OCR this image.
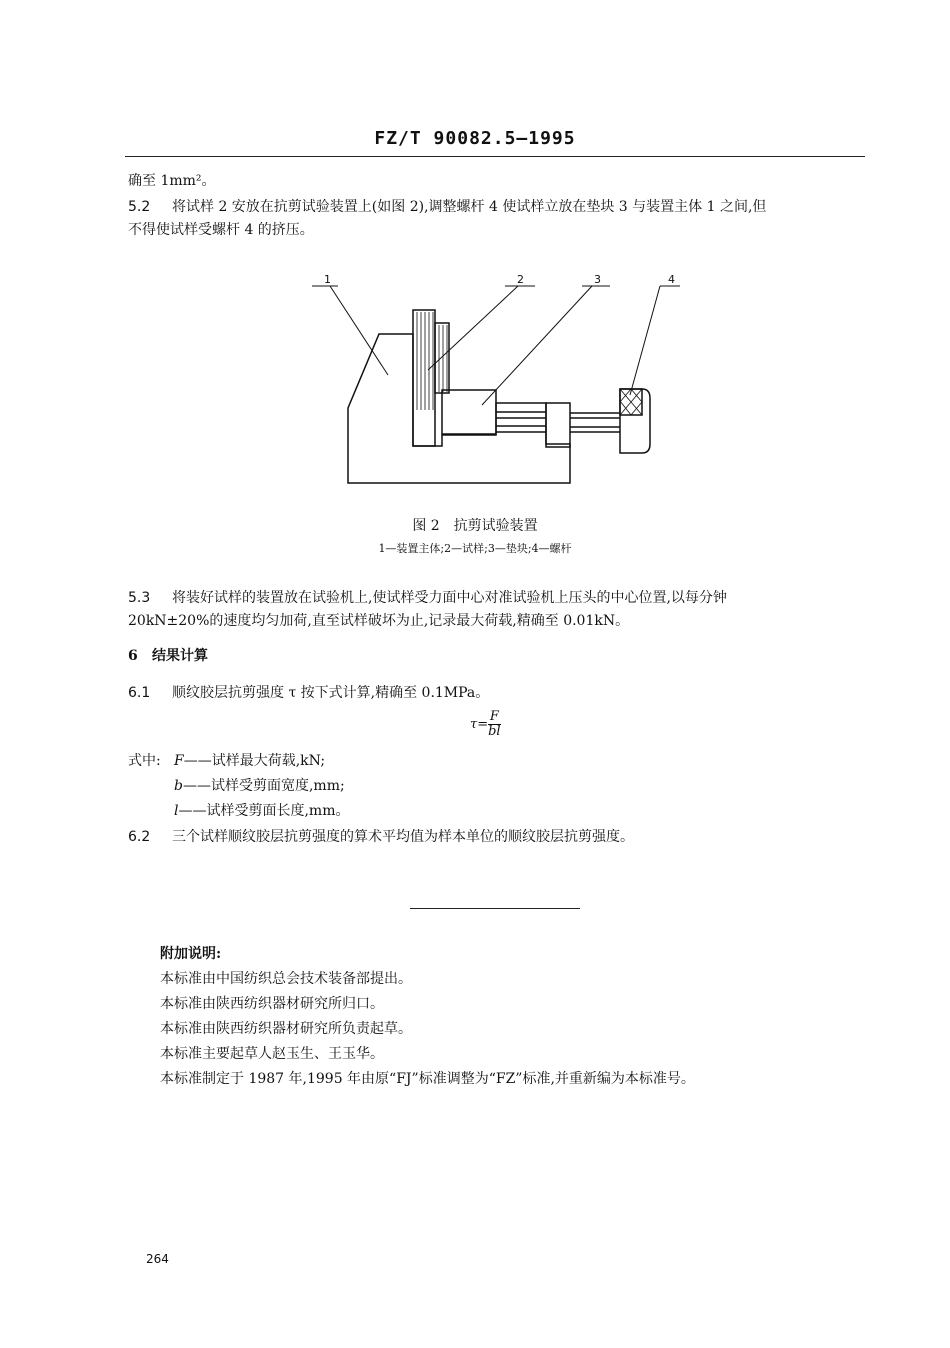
FZ/T 90082.5—1995
确至 1mm²。
5.2 将试样 2 安放在抗剪试验装置上(如图 2),调整螺杆 4 使试样立放在垫块 3 与装置主体 1 之间,但
不得使试样受螺杆 4 的挤压。
1	2	3	4
图 2　抗剪试验装置
1—装置主体;2—试样;3—垫块;4—螺杆
5.3 将装好试样的装置放在试验机上,使试样受力面中心对准试验机上压头的中心位置,以每分钟
20kN±20%的速度均匀加荷,直至试样破坏为止,记录最大荷载,精确至 0.01kN。
6 结果计算
6.1 顺纹胶层抗剪强度 τ 按下式计算,精确至 0.1MPa。
$\tau= \frac{F}{bl}$
式中: F——试样最大荷载,kN;
b——试样受剪面宽度,mm;
l——试样受剪面长度,mm。
6.2 三个试样顺纹胶层抗剪强度的算术平均值为样本单位的顺纹胶层抗剪强度。
附加说明:
本标准由中国纺织总会技术装备部提出。
本标准由陕西纺织器材研究所归口。
本标准由陕西纺织器材研究所负责起草。
本标准主要起草人赵玉生、王玉华。
本标准制定于 1987 年,1995 年由原“FJ”标准调整为“FZ”标准,并重新编为本标准号。
264
